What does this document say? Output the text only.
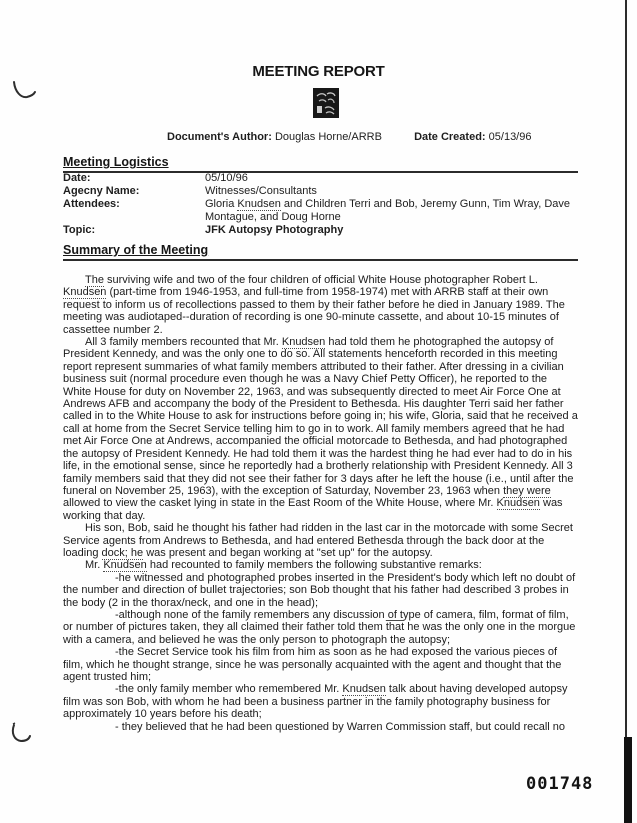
MEETING REPORT
Document's Author: Douglas Horne/ARRB	Date Created: 05/13/96
Meeting Logistics
Date:	05/10/96
Agecny Name:	Witnesses/Consultants
Attendees:	Gloria Knudsen and Children Terri and Bob, Jeremy Gunn, Tim Wray, Dave Montague, and Doug Horne
Topic:	JFK Autopsy Photography
Summary of the Meeting

The surviving wife and two of the four children of official White House photographer Robert L. Knudsen (part-time from 1946-1953, and full-time from 1958-1974) met with ARRB staff at their own request to inform us of recollections passed to them by their father before he died in January 1989. The meeting was audiotaped--duration of recording is one 90-minute cassette, and about 10-15 minutes of cassettee number 2.

All 3 family members recounted that Mr. Knudsen had told them he photographed the autopsy of President Kennedy, and was the only one to do so. All statements henceforth recorded in this meeting report represent summaries of what family members attributed to their father. After dressing in a civilian business suit (normal procedure even though he was a Navy Chief Petty Officer), he reported to the White House for duty on November 22, 1963, and was subsequently directed to meet Air Force One at Andrews AFB and accompany the body of the President to Bethesda. His daughter Terri said her father called in to the White House to ask for instructions before going in; his wife, Gloria, said that he received a call at home from the Secret Service telling him to go in to work. All family members agreed that he had met Air Force One at Andrews, accompanied the official motorcade to Bethesda, and had photographed the autopsy of President Kennedy. He had told them it was the hardest thing he had ever had to do in his life, in the emotional sense, since he reportedly had a brotherly relationship with President Kennedy. All 3 family members said that they did not see their father for 3 days after he left the house (i.e., until after the funeral on November 25, 1963), with the exception of Saturday, November 23, 1963 when they were allowed to view the casket lying in state in the East Room of the White House, where Mr. Knudsen was working that day.

His son, Bob, said he thought his father had ridden in the last car in the motorcade with some Secret Service agents from Andrews to Bethesda, and had entered Bethesda through the back door at the loading dock; he was present and began working at "set up" for the autopsy.

Mr. Knudsen had recounted to family members the following substantive remarks:

-he witnessed and photographed probes inserted in the President's body which left no doubt of the number and direction of bullet trajectories; son Bob thought that his father had described 3 probes in the body (2 in the thorax/neck, and one in the head);

-although none of the family remembers any discussion of type of camera, film, format of film, or number of pictures taken, they all claimed their father told them that he was the only one in the morgue with a camera, and believed he was the only person to photograph the autopsy;

-the Secret Service took his film from him as soon as he had exposed the various pieces of film, which he thought strange, since he was personally acquainted with the agent and thought that the agent trusted him;

-the only family member who remembered Mr. Knudsen talk about having developed autopsy film was son Bob, with whom he had been a business partner in the family photography business for approximately 10 years before his death;

- they believed that he had been questioned by Warren Commission staff, but could recall no

001748
